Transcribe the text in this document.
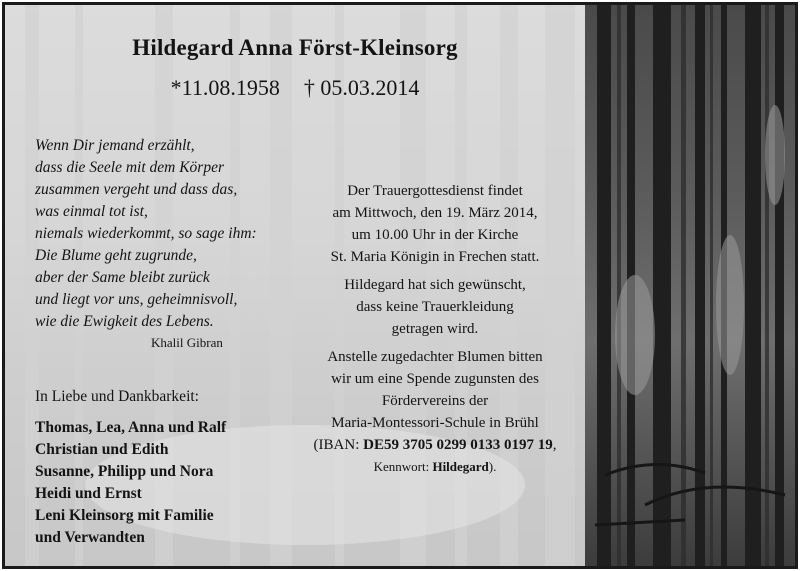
Hildegard Anna Först-Kleinsorg
*11.08.1958 † 05.03.2014
Wenn Dir jemand erzählt,
dass die Seele mit dem Körper
zusammen vergeht und dass das,
was einmal tot ist,
niemals wiederkommt, so sage ihm:
Die Blume geht zugrunde,
aber der Same bleibt zurück
und liegt vor uns, geheimnisvoll,
wie die Ewigkeit des Lebens.
Khalil Gibran
In Liebe und Dankbarkeit:
Thomas, Lea, Anna und Ralf
Christian und Edith
Susanne, Philipp und Nora
Heidi und Ernst
Leni Kleinsorg mit Familie
und Verwandten
Der Trauergottesdienst findet
am Mittwoch, den 19. März 2014,
um 10.00 Uhr in der Kirche
St. Maria Königin in Frechen statt.
Hildegard hat sich gewünscht,
dass keine Trauerkleidung
getragen wird.
Anstelle zugedachter Blumen bitten
wir um eine Spende zugunsten des
Fördervereins der
Maria-Montessori-Schule in Brühl
(IBAN: DE59 3705 0299 0133 0197 19,
Kennwort: Hildegard).
